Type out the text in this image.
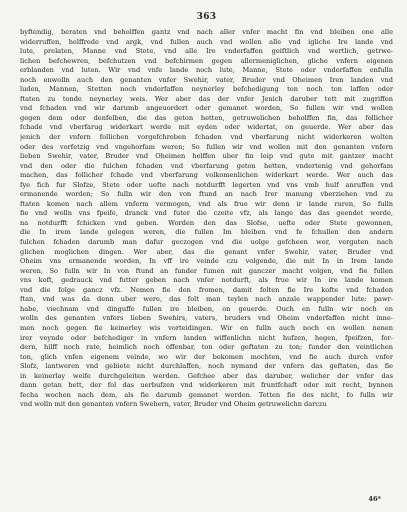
363
byftendig, beraten vnd beholffen gantz vnd nach aller vnfer macht fin vnd bleiben one alle
widerruffen, helffrede vnd argk, vnd fullen auch vnd wollen alle vnd igliche Ire lande vnd
lute, prelaten, Manne vnd Stete, vnd alle Ire vnderfaffen geiftlich vnd wertlich, getrwe-
lichen befchewren, befchutzen vnd befchirmen gegen allermeniglichen, gliche vnfern eigenen
erblanden vnd luten. Wir vnd vnfe lande noch lute, Manne, Stete oder vnderfaffen enfulln
noch enwolln auch den genanten vnfer Swehir, vater, Bruder vnd Oheimen Iren landen vnd
luden, Mannen, Stetten noch vnderfaffen neynerley befchedigung ton noch ton laffen oder
ftaten zu tonde neynerley weis. Wer aber das der vnfer Jenich daruber tett mit zugriffen
vnd fchaden vnd wir darumb angeuordert oder gemanet worden, So fullen wir vnd wollen
gegen dem oder denfelben, die das geton hetten, getruwelichen beholffen fin, das follicher
fchade vnd vberfarug widerkart werde mit eyden oder widertat, on geuerde. Wer aber das
jenich der vnfern follichen vorgefchreben fchaden vnd vberfarung nicht widerkeren wolten
oder des vorfetzig vnd vngehorfam weren; So fullen wir vnd wollen mit den genanten vnfern
lieben Swehir, vater, Bruder vnd Oheimen helffen uber fin leip vnd gute mit gantzer macht
vnd den oder die fulchen fchaden vnd vberfarung geton hetten, vndertenig vnd gehorfam
machen, das follicher fchade vnd vberfarung volkomenlichen widerkart werde. Wer auch das
fye fich fur Slofze, Stete oder uefte nach notdurfft legerten vnd vns vmb hulf anruffen vnd
ermanende worden; So fulln wir den von ftund an nach Irer manung vberziehen vnd zu
ftaten komen nach allem vnferm vermogen, vnd als frue wir denn ir lande ruren, So fulln
fie vnd wolln vns fpeife, dranck vnd futer die czeite vfz, als lange das das geendet werde,
na notdurfft fchicken vnd geben. Worden den das Slofse, uefte oder Stete gewonnen,
die In irem lande gelegen weren, die fullen Im bleiben vnd fe fchullen den andern
fulchen fchaden darumb man dafur geczogen vnd die uolge gefcheen wer, verguten nach
glichen moglichen dingen. Wer aber, das die genant vnfer Swehir, vater, Bruder vnd
Oheim vns ermanende worden, In vff ire veinde czu volgende, die mit In in Irem lande
weren, So fulln wir In von ftund an funder fumen mit ganczer macht volgen, vnd fie fullen
vns koft, gedrauck vnd futter geben nach vnfer notdurft, als frue wir In ire lande komen
vnd die folge gancz vfz. Nemen fie den fromen, damit folten fie Ire kofte vnd fchaden
ftan, vnd was da denn uber were, das folt man teylen nach anzale wappender lute: pawr-
habe, viechnam vnd dinguffe fullen ire bleiben, on geuerde. Ouch en fulln wir noch en
wolln des genanten vnfers lieben Swehirs, vaters, bruders vnd Oheim vnderfaffen nicht inne-
men noch gegen fie keinerley wis vorteidingen. Wir en fulln auch noch en wollen nenen
irer veynde oder befchediger in vnfern landen wiffenlichn nicht hufzen, hegen, fpeifzen, for-
dern, hilff noch rate, heimlich noch offenbar, ton oder geftaten zu ton; funder den veintlichen
ton, glich vnfen eigenem veinde, wo wir der bekomen mochten, vnd fie auch durch vnfer
Slofz, lantweren vnd gebiete nicht durchlaffen, noch nymand der vnfern das geftaten, das fie
in keinerlay weife durchgeleiten werden. Gefchee aber das daruber, welicher der vnfer das
dann getan hett, der fol das uerbufzen vnd widerkeren mit fruntfchaft oder mit recht, bynnen
fecha wochen nach dem, als fie darumb gemanet werden. Tetten fie des nicht, fo fulln wir
vnd wolln mit den genanten vnfern Swehern, vater, Bruder vnd Oheim getruwelichn darczu
46*
